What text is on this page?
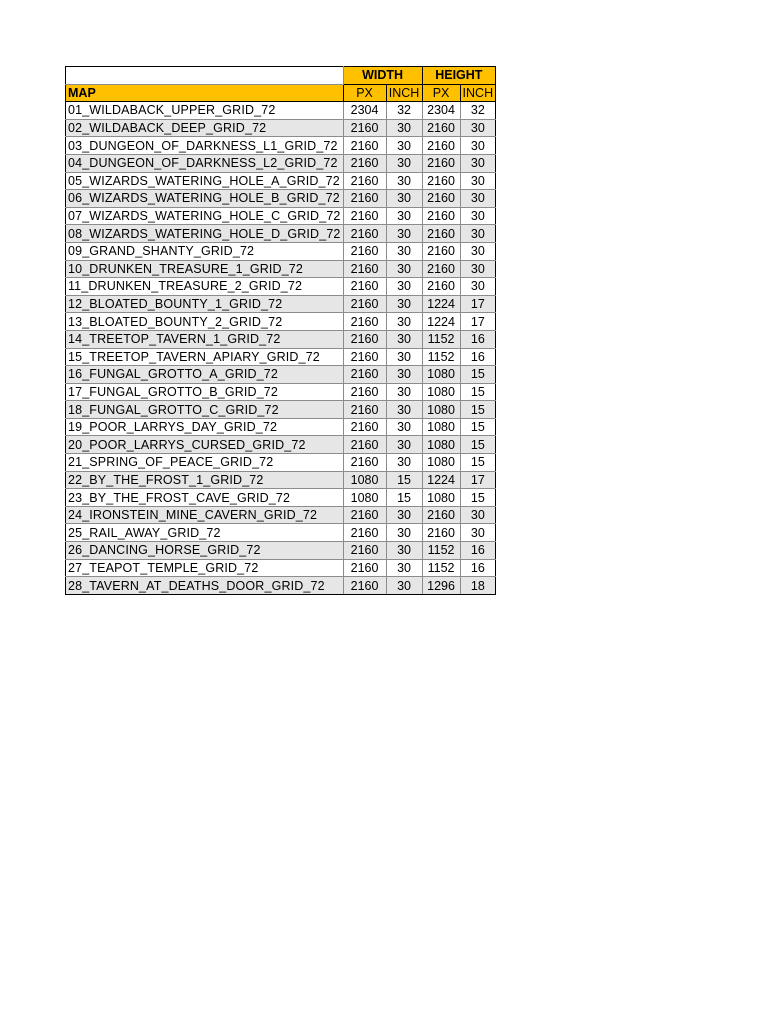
	WIDTH		HEIGHT	
MAP	PX	INCH	PX	INCH
01_WILDABACK_UPPER_GRID_72	2304	32	2304	32
02_WILDABACK_DEEP_GRID_72	2160	30	2160	30
03_DUNGEON_OF_DARKNESS_L1_GRID_72	2160	30	2160	30
04_DUNGEON_OF_DARKNESS_L2_GRID_72	2160	30	2160	30
05_WIZARDS_WATERING_HOLE_A_GRID_72	2160	30	2160	30
06_WIZARDS_WATERING_HOLE_B_GRID_72	2160	30	2160	30
07_WIZARDS_WATERING_HOLE_C_GRID_72	2160	30	2160	30
08_WIZARDS_WATERING_HOLE_D_GRID_72	2160	30	2160	30
09_GRAND_SHANTY_GRID_72	2160	30	2160	30
10_DRUNKEN_TREASURE_1_GRID_72	2160	30	2160	30
11_DRUNKEN_TREASURE_2_GRID_72	2160	30	2160	30
12_BLOATED_BOUNTY_1_GRID_72	2160	30	1224	17
13_BLOATED_BOUNTY_2_GRID_72	2160	30	1224	17
14_TREETOP_TAVERN_1_GRID_72	2160	30	1152	16
15_TREETOP_TAVERN_APIARY_GRID_72	2160	30	1152	16
16_FUNGAL_GROTTO_A_GRID_72	2160	30	1080	15
17_FUNGAL_GROTTO_B_GRID_72	2160	30	1080	15
18_FUNGAL_GROTTO_C_GRID_72	2160	30	1080	15
19_POOR_LARRYS_DAY_GRID_72	2160	30	1080	15
20_POOR_LARRYS_CURSED_GRID_72	2160	30	1080	15
21_SPRING_OF_PEACE_GRID_72	2160	30	1080	15
22_BY_THE_FROST_1_GRID_72	1080	15	1224	17
23_BY_THE_FROST_CAVE_GRID_72	1080	15	1080	15
24_IRONSTEIN_MINE_CAVERN_GRID_72	2160	30	2160	30
25_RAIL_AWAY_GRID_72	2160	30	2160	30
26_DANCING_HORSE_GRID_72	2160	30	1152	16
27_TEAPOT_TEMPLE_GRID_72	2160	30	1152	16
28_TAVERN_AT_DEATHS_DOOR_GRID_72	2160	30	1296	18
